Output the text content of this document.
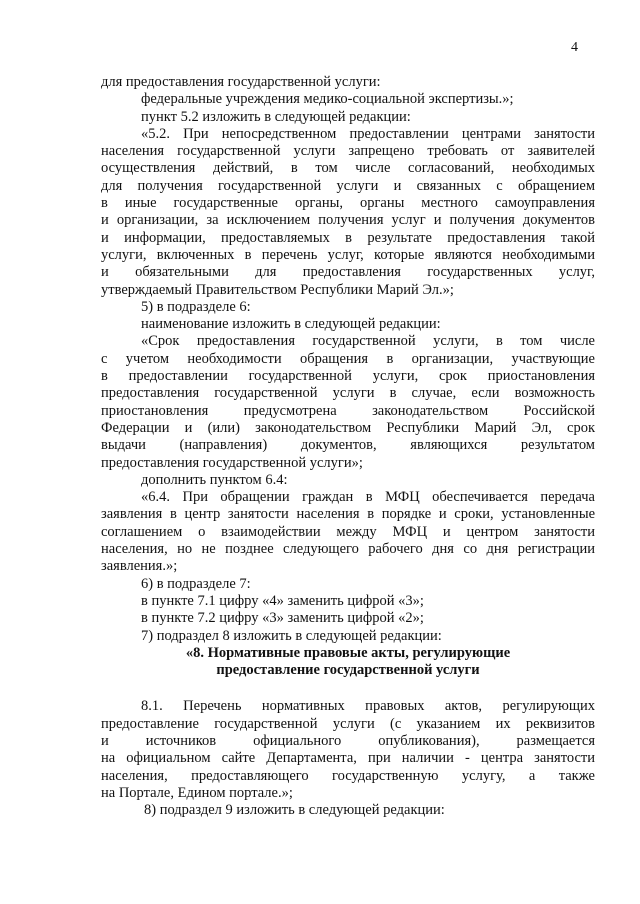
4
для предоставления государственной услуги:
федеральные учреждения медико-социальной экспертизы.»;
пункт 5.2 изложить в следующей редакции:
«5.2. При непосредственном предоставлении центрами занятости
населения государственной услуги запрещено требовать от заявителей
осуществления действий, в том числе согласований, необходимых
для получения государственной услуги и связанных с обращением
в иные государственные органы, органы местного самоуправления
и организации, за исключением получения услуг и получения документов
и информации, предоставляемых в результате предоставления такой
услуги, включенных в перечень услуг, которые являются необходимыми
и обязательными для предоставления государственных услуг,
утверждаемый Правительством Республики Марий Эл.»;
5) в подразделе 6:
наименование изложить в следующей редакции:
«Срок предоставления государственной услуги, в том числе
с учетом необходимости обращения в организации, участвующие
в предоставлении государственной услуги, срок приостановления
предоставления государственной услуги в случае, если возможность
приостановления предусмотрена законодательством Российской
Федерации и (или) законодательством Республики Марий Эл, срок
выдачи (направления) документов, являющихся результатом
предоставления государственной услуги»;
дополнить пунктом 6.4:
«6.4. При обращении граждан в МФЦ обеспечивается передача
заявления в центр занятости населения в порядке и сроки, установленные
соглашением о взаимодействии между МФЦ и центром занятости
населения, но не позднее следующего рабочего дня со дня регистрации
заявления.»;
6) в подразделе 7:
в пункте 7.1 цифру «4» заменить цифрой «3»;
в пункте 7.2 цифру «3» заменить цифрой «2»;
7) подраздел 8 изложить в следующей редакции:
«8. Нормативные правовые акты, регулирующие
предоставление государственной услуги
8.1. Перечень нормативных правовых актов, регулирующих
предоставление государственной услуги (с указанием их реквизитов
и источников официального опубликования), размещается
на официальном сайте Департамента, при наличии - центра занятости
населения, предоставляющего государственную услугу, а также
на Портале, Едином портале.»;
8) подраздел 9 изложить в следующей редакции:
